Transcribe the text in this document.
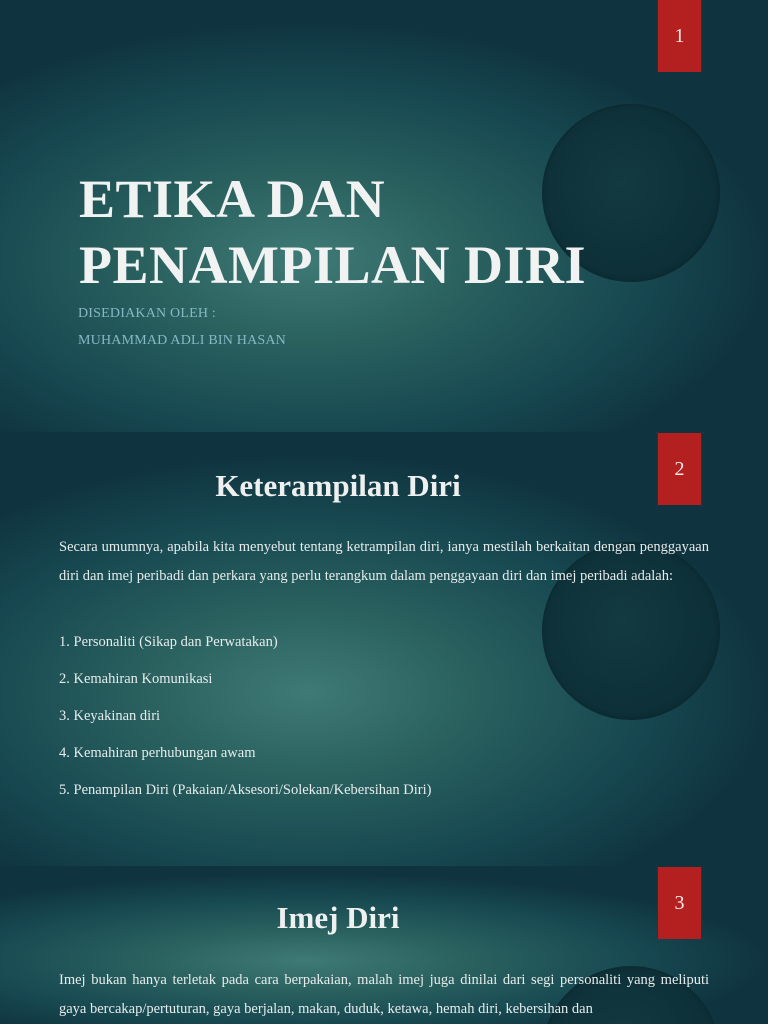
1
ETIKA DAN
PENAMPILAN DIRI
DISEDIAKAN OLEH :
MUHAMMAD ADLI BIN HASAN
2
Keterampilan Diri

Secara umumnya, apabila kita menyebut tentang ketrampilan diri, ianya mestilah berkaitan dengan penggayaan diri dan imej peribadi dan perkara yang perlu terangkum dalam penggayaan diri dan imej peribadi adalah:

1. Personaliti (Sikap dan Perwatakan)
2. Kemahiran Komunikasi
3. Keyakinan diri
4. Kemahiran perhubungan awam
5. Penampilan Diri (Pakaian/Aksesori/Solekan/Kebersihan Diri)
3
Imej Diri

Imej bukan hanya terletak pada cara berpakaian, malah imej juga dinilai dari segi personaliti yang meliputi gaya bercakap/pertuturan, gaya berjalan, makan, duduk, ketawa, hemah diri, kebersihan dan
